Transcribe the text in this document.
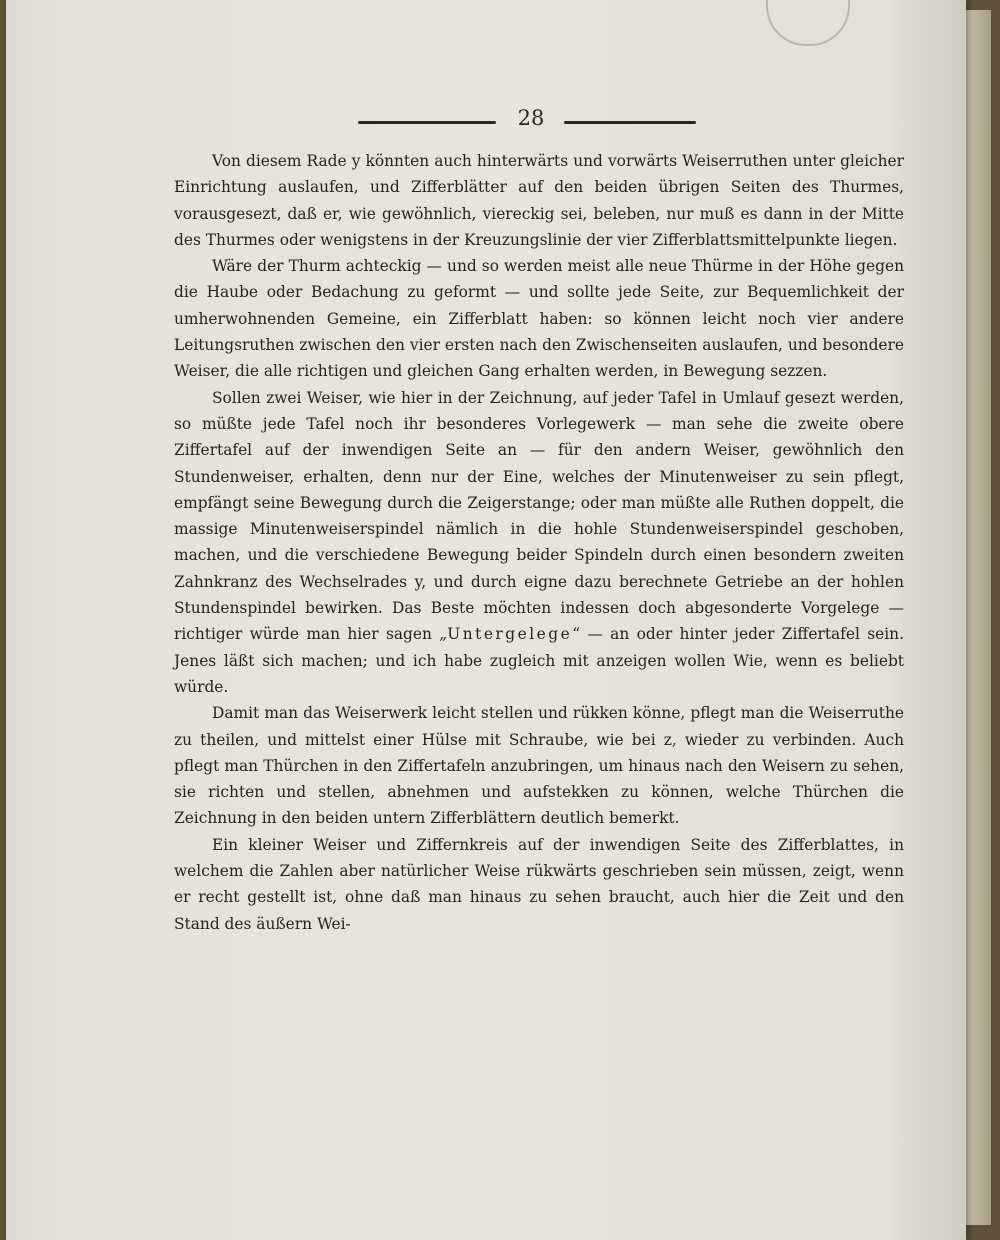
28

Von diesem Rade y könnten auch hinterwärts und vorwärts Weiserruthen unter gleicher Einrichtung auslaufen, und Zifferblätter auf den beiden übrigen Seiten des Thurmes, vorausgesezt, daß er, wie gewöhnlich, viereckig sei, beleben, nur muß es dann in der Mitte des Thurmes oder wenigstens in der Kreuzungslinie der vier Zifferblattsmittelpunkte liegen.

Wäre der Thurm achteckig — und so werden meist alle neue Thürme in der Höhe gegen die Haube oder Bedachung zu geformt — und sollte jede Seite, zur Bequemlichkeit der umherwohnenden Gemeine, ein Zifferblatt haben: so können leicht noch vier andere Leitungsruthen zwischen den vier ersten nach den Zwischenseiten auslaufen, und besondere Weiser, die alle richtigen und gleichen Gang erhalten werden, in Bewegung sezzen.

Sollen zwei Weiser, wie hier in der Zeichnung, auf jeder Tafel in Umlauf gesezt werden, so müßte jede Tafel noch ihr besonderes Vorlegewerk — man sehe die zweite obere Ziffertafel auf der inwendigen Seite an — für den andern Weiser, gewöhnlich den Stundenweiser, erhalten, denn nur der Eine, welches der Minutenweiser zu sein pflegt, empfängt seine Bewegung durch die Zeigerstange; oder man müßte alle Ruthen doppelt, die massige Minutenweiserspindel nämlich in die hohle Stundenweiserspindel geschoben, machen, und die verschiedene Bewegung beider Spindeln durch einen besondern zweiten Zahnkranz des Wechselrades y, und durch eigne dazu berechnete Getriebe an der hohlen Stundenspindel bewirken. Das Beste möchten indessen doch abgesonderte Vorgelege — richtiger würde man hier sagen „Untergelege“ — an oder hinter jeder Ziffertafel sein. Jenes läßt sich machen; und ich habe zugleich mit anzeigen wollen Wie, wenn es beliebt würde.

Damit man das Weiserwerk leicht stellen und rükken könne, pflegt man die Weiserruthe zu theilen, und mittelst einer Hülse mit Schraube, wie bei z, wieder zu verbinden. Auch pflegt man Thürchen in den Ziffertafeln anzubringen, um hinaus nach den Weisern zu sehen, sie richten und stellen, abnehmen und aufstekken zu können, welche Thürchen die Zeichnung in den beiden untern Zifferblättern deutlich bemerkt.

Ein kleiner Weiser und Ziffernkreis auf der inwendigen Seite des Zifferblattes, in welchem die Zahlen aber natürlicher Weise rükwärts geschrieben sein müssen, zeigt, wenn er recht gestellt ist, ohne daß man hinaus zu sehen braucht, auch hier die Zeit und den Stand des äußern Wei-
